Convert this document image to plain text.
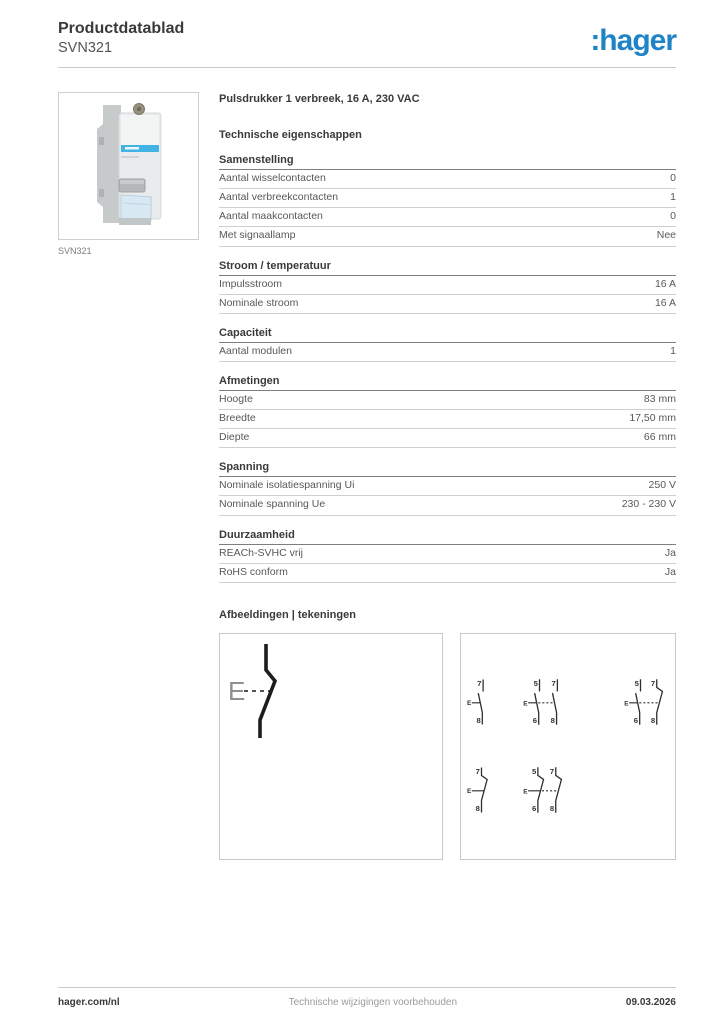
Productdatablad
SVN321	:hager
SVN321
Pulsdrukker 1 verbreek, 16 A, 230 VAC
Technische eigenschappen
Samenstelling
Aantal wisselcontacten	0
Aantal verbreekcontacten	1
Aantal maakcontacten	0
Met signaallamp	Nee
Stroom / temperatuur
Impulsstroom	16 A
Nominale stroom	16 A
Capaciteit
Aantal modulen	1
Afmetingen
Hoogte	83 mm
Breedte	17,50 mm
Diepte	66 mm
Spanning
Nominale isolatiespanning Ui	250 V
Nominale spanning Ue	230 - 230 V
Duurzaamheid
REACh-SVHC vrij	Ja
RoHS conform	Ja
Afbeeldingen | tekeningen
E	E
7
8
E
5
6
7
8
E
5
6
7
8
E
7
8
E
5
6
7
8
hager.com/nl	Technische wijzigingen voorbehouden	09.03.2026
